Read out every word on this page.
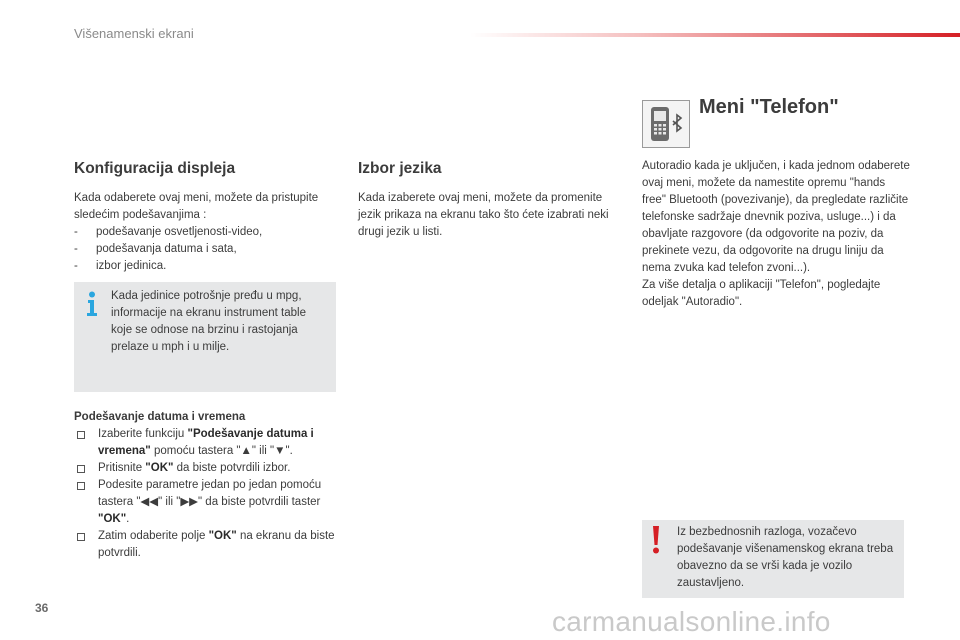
Višenamenski ekrani
Konfiguracija displeja

Kada odaberete ovaj meni, možete da pristupite sledećim podešavanjima :

-	podešavanje osvetljenosti-video,
-	podešavanja datuma i sata,
-	izbor jedinica.
Kada jedinice potrošnje pređu u mpg, informacije na ekranu instrument table koje se odnose na brzinu i rastojanja prelaze u mph i u milje.
Podešavanje datuma i vremena
Izaberite funkciju "Podešavanje datuma i vremena" pomoću tastera "▲" ili "▼".
Pritisnite "OK" da biste potvrdili izbor.
Podesite parametre jedan po jedan pomoću tastera "◀◀" ili "▶▶" da biste potvrdili taster "OK".
Zatim odaberite polje "OK" na ekranu da biste potvrdili.
Izbor jezika

Kada izaberete ovaj meni, možete da promenite jezik prikaza na ekranu tako što ćete izabrati neki drugi jezik u listi.

Meni "Telefon"

Autoradio kada je uključen, i kada jednom odaberete ovaj meni, možete da namestite opremu "hands free" Bluetooth (povezivanje), da pregledate različite telefonske sadržaje dnevnik poziva, usluge...) i da obavljate razgovore (da odgovorite na poziv, da prekinete vezu, da odgovorite na drugu liniju da nema zvuka kad telefon zvoni...).

Za više detalja o aplikaciji "Telefon", pogledajte odeljak "Autoradio".

Iz bezbednosnih razloga, vozačevo podešavanje višenamenskog ekrana treba obavezno da se vrši kada je vozilo zaustavljeno.
36	carmanualsonline.info
